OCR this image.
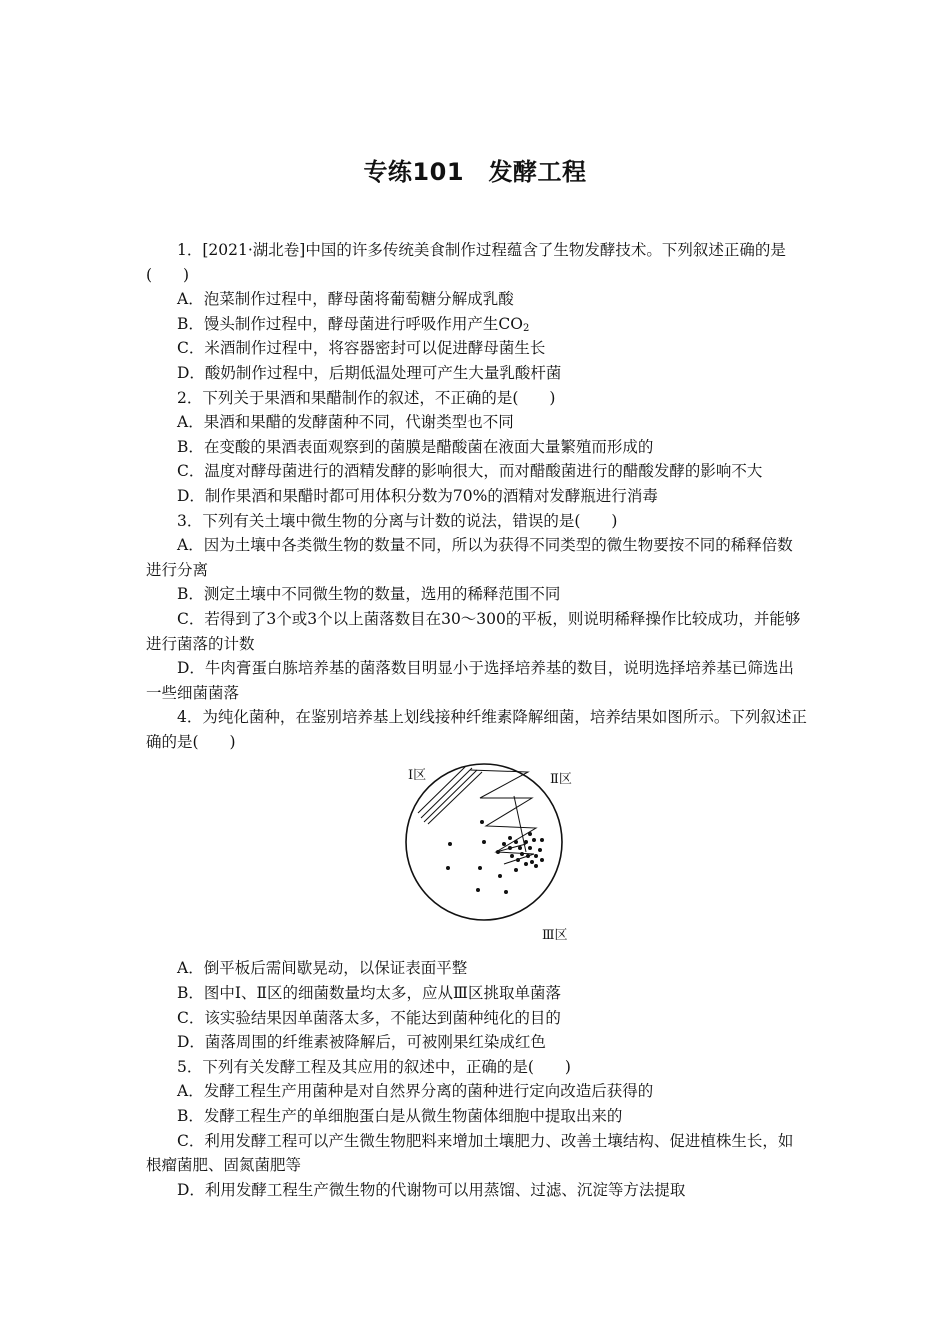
专练101　发酵工程

1．[2021·湖北卷]中国的许多传统美食制作过程蕴含了生物发酵技术。下列叙述正确的是　(　　)

A．泡菜制作过程中，酵母菌将葡萄糖分解成乳酸

B．馒头制作过程中，酵母菌进行呼吸作用产生$CO_2$

C．米酒制作过程中，将容器密封可以促进酵母菌生长

D．酸奶制作过程中，后期低温处理可产生大量乳酸杆菌

2．下列关于果酒和果醋制作的叙述，不正确的是(　　)

A．果酒和果醋的发酵菌种不同，代谢类型也不同

B．在变酸的果酒表面观察到的菌膜是醋酸菌在液面大量繁殖而形成的

C．温度对酵母菌进行的酒精发酵的影响很大，而对醋酸菌进行的醋酸发酵的影响不大

D．制作果酒和果醋时都可用体积分数为70%的酒精对发酵瓶进行消毒

3．下列有关土壤中微生物的分离与计数的说法，错误的是(　　)

A．因为土壤中各类微生物的数量不同，所以为获得不同类型的微生物要按不同的稀释倍数进行分离

B．测定土壤中不同微生物的数量，选用的稀释范围不同

C．若得到了3个或3个以上菌落数目在30～300的平板，则说明稀释操作比较成功，并能够进行菌落的计数

D．牛肉膏蛋白胨培养基的菌落数目明显小于选择培养基的数目，说明选择培养基已筛选出一些细菌菌落

4．为纯化菌种，在鉴别培养基上划线接种纤维素降解细菌，培养结果如图所示。下列叙述正确的是(　　)

Ⅰ区	Ⅱ区
Ⅲ区

A．倒平板后需间歇晃动，以保证表面平整

B．图中Ⅰ、Ⅱ区的细菌数量均太多，应从Ⅲ区挑取单菌落

C．该实验结果因单菌落太多，不能达到菌种纯化的目的

D．菌落周围的纤维素被降解后，可被刚果红染成红色

5．下列有关发酵工程及其应用的叙述中，正确的是(　　)

A．发酵工程生产用菌种是对自然界分离的菌种进行定向改造后获得的

B．发酵工程生产的单细胞蛋白是从微生物菌体细胞中提取出来的

C．利用发酵工程可以产生微生物肥料来增加土壤肥力、改善土壤结构、促进植株生长，如根瘤菌肥、固氮菌肥等

D．利用发酵工程生产微生物的代谢物可以用蒸馏、过滤、沉淀等方法提取
